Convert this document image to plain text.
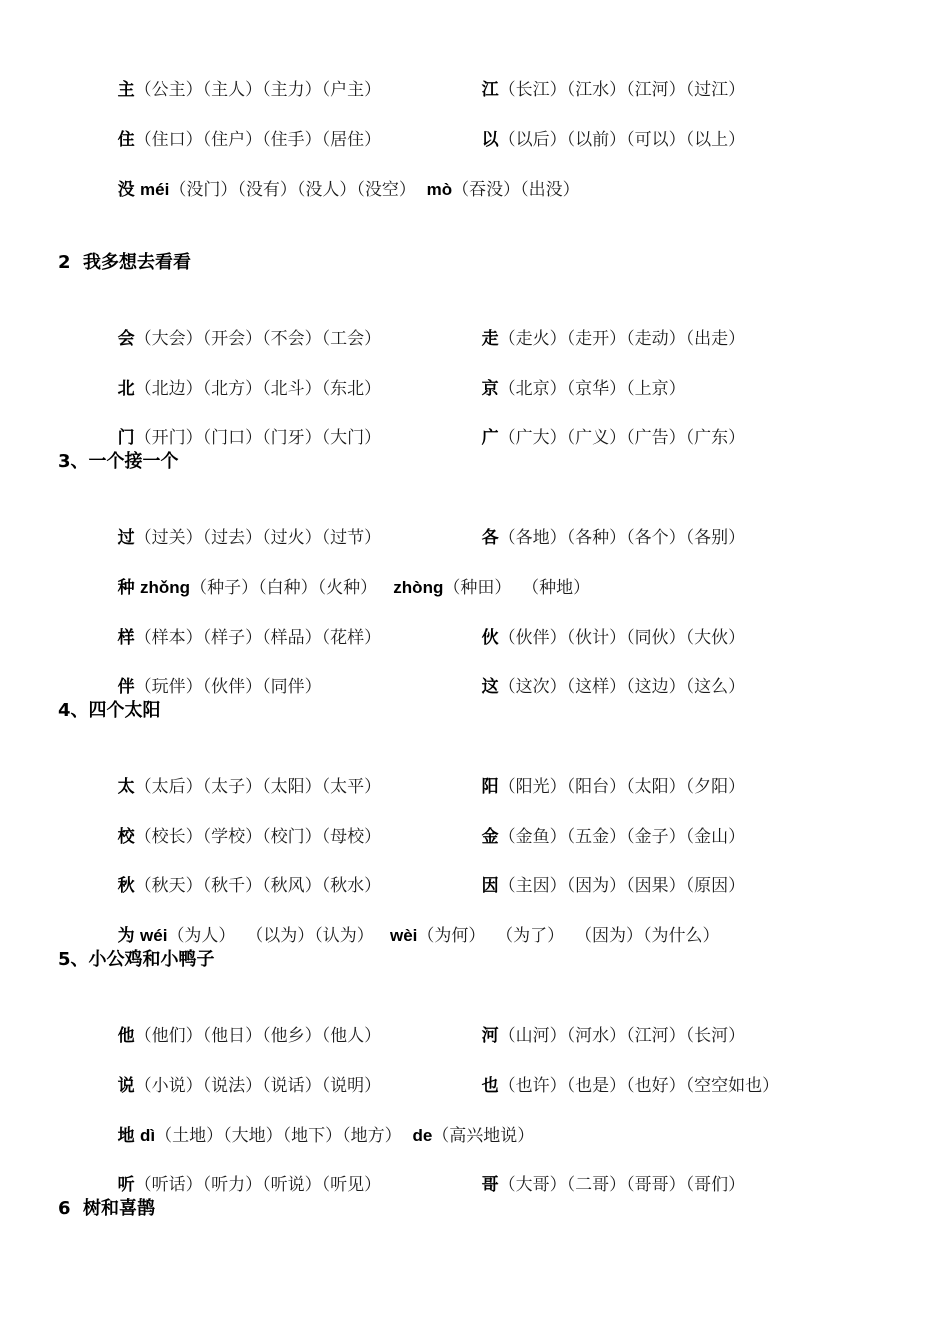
主（公主）（主人）（主力）（户主）
	江（长江）（江水）（江河）（过江）

住（住口）（住户）（住手）（居住）
	以（以后）（以前）（可以）（以上）

没 méi（没门）（没有）（没人）（没空） mò（吞没）（出没）

2  我多想去看看

会（大会）（开会）（不会）（工会）
	走（走火）（走开）（走动）（出走）

北（北边）（北方）（北斗）（东北）
	京（北京）（京华）（上京）

门（开门）（门口）（门牙）（大门）
	广（广大）（广义）（广告）（广东）

3、一个接一个

过（过关）（过去）（过火）（过节）
	各（各地）（各种）（各个）（各别）

种 zhǒng（种子）（白种）（火种） zhòng（种田）  （种地）

样（样本）（样子）（样品）（花样）
	伙（伙伴）（伙计）（同伙）（大伙）

伴（玩伴）（伙伴）（同伴）
	这（这次）（这样）（这边）（这么）

4、四个太阳

太（太后）（太子）（太阳）（太平）
	阳（阳光）（阳台）（太阳）（夕阳）

校（校长）（学校）（校门）（母校）
	金（金鱼）（五金）（金子）（金山）

秋（秋天）（秋千）（秋风）（秋水）
	因（主因）（因为）（因果）（原因）

为 wéi（为人）  （以为）（认为） wèi（为何）  （为了）  （因为）（为什么）

5、小公鸡和小鸭子

他（他们）（他日）（他乡）（他人）
	河（山河）（河水）（江河）（长河）

说（小说）（说法）（说话）（说明）
	也（也许）（也是）（也好）（空空如也）

地 dì（土地）（大地）（地下）（地方） de（高兴地说）

听（听话）（听力）（听说）（听见）
	哥（大哥）（二哥）（哥哥）（哥们）

6  树和喜鹊
